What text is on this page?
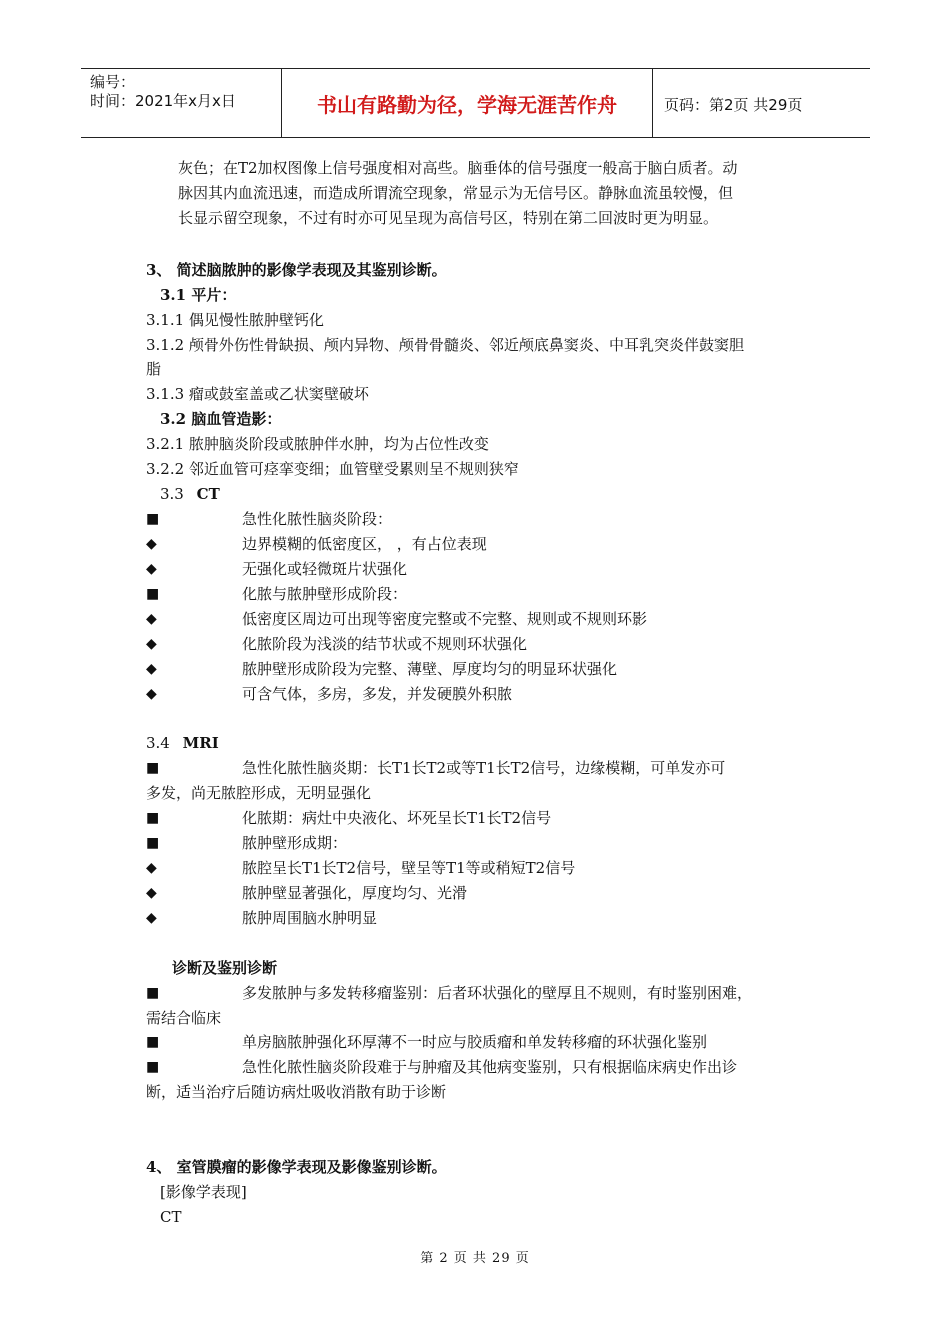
编号：
时间：2021年x月x日	书山有路勤为径，学海无涯苦作舟	页码：第2页 共29页
灰色；在T2加权图像上信号强度相对高些。脑垂体的信号强度一般高于脑白质者。动
脉因其内血流迅速，而造成所谓流空现象，常显示为无信号区。静脉血流虽较慢，但
长显示留空现象，不过有时亦可见呈现为高信号区，特别在第二回波时更为明显。
3、 简述脑脓肿的影像学表现及其鉴别诊断。
3.1 平片：
3.1.1 偶见慢性脓肿壁钙化
3.1.2 颅骨外伤性骨缺损、颅内异物、颅骨骨髓炎、邻近颅底鼻窦炎、中耳乳突炎伴鼓窦胆
脂
3.1.3 瘤或鼓室盖或乙状窦壁破坏
3.2 脑血管造影：
3.2.1 脓肿脑炎阶段或脓肿伴水肿，均为占位性改变
3.2.2 邻近血管可痉挛变细；血管壁受累则呈不规则狭窄
3.3 CT
■	急性化脓性脑炎阶段：
◆	边界模糊的低密度区， ，有占位表现
◆	无强化或轻微斑片状强化
■	化脓与脓肿壁形成阶段：
◆	低密度区周边可出现等密度完整或不完整、规则或不规则环影
◆	化脓阶段为浅淡的结节状或不规则环状强化
◆	脓肿壁形成阶段为完整、薄壁、厚度均匀的明显环状强化
◆	可含气体，多房，多发，并发硬膜外积脓
3.4 MRI
■	急性化脓性脑炎期：长T1长T2或等T1长T2信号，边缘模糊，可单发亦可
多发，尚无脓腔形成，无明显强化
■	化脓期：病灶中央液化、坏死呈长T1长T2信号
■	脓肿壁形成期：
◆	脓腔呈长T1长T2信号，壁呈等T1等或稍短T2信号
◆	脓肿壁显著强化，厚度均匀、光滑
◆	脓肿周围脑水肿明显
诊断及鉴别诊断
■	多发脓肿与多发转移瘤鉴别：后者环状强化的壁厚且不规则，有时鉴别困难，
需结合临床
■	单房脑脓肿强化环厚薄不一时应与胶质瘤和单发转移瘤的环状强化鉴别
■	急性化脓性脑炎阶段难于与肿瘤及其他病变鉴别，只有根据临床病史作出诊
断，适当治疗后随访病灶吸收消散有助于诊断
4、 室管膜瘤的影像学表现及影像鉴别诊断。
[影像学表现]
CT
第 2 页 共 29 页
